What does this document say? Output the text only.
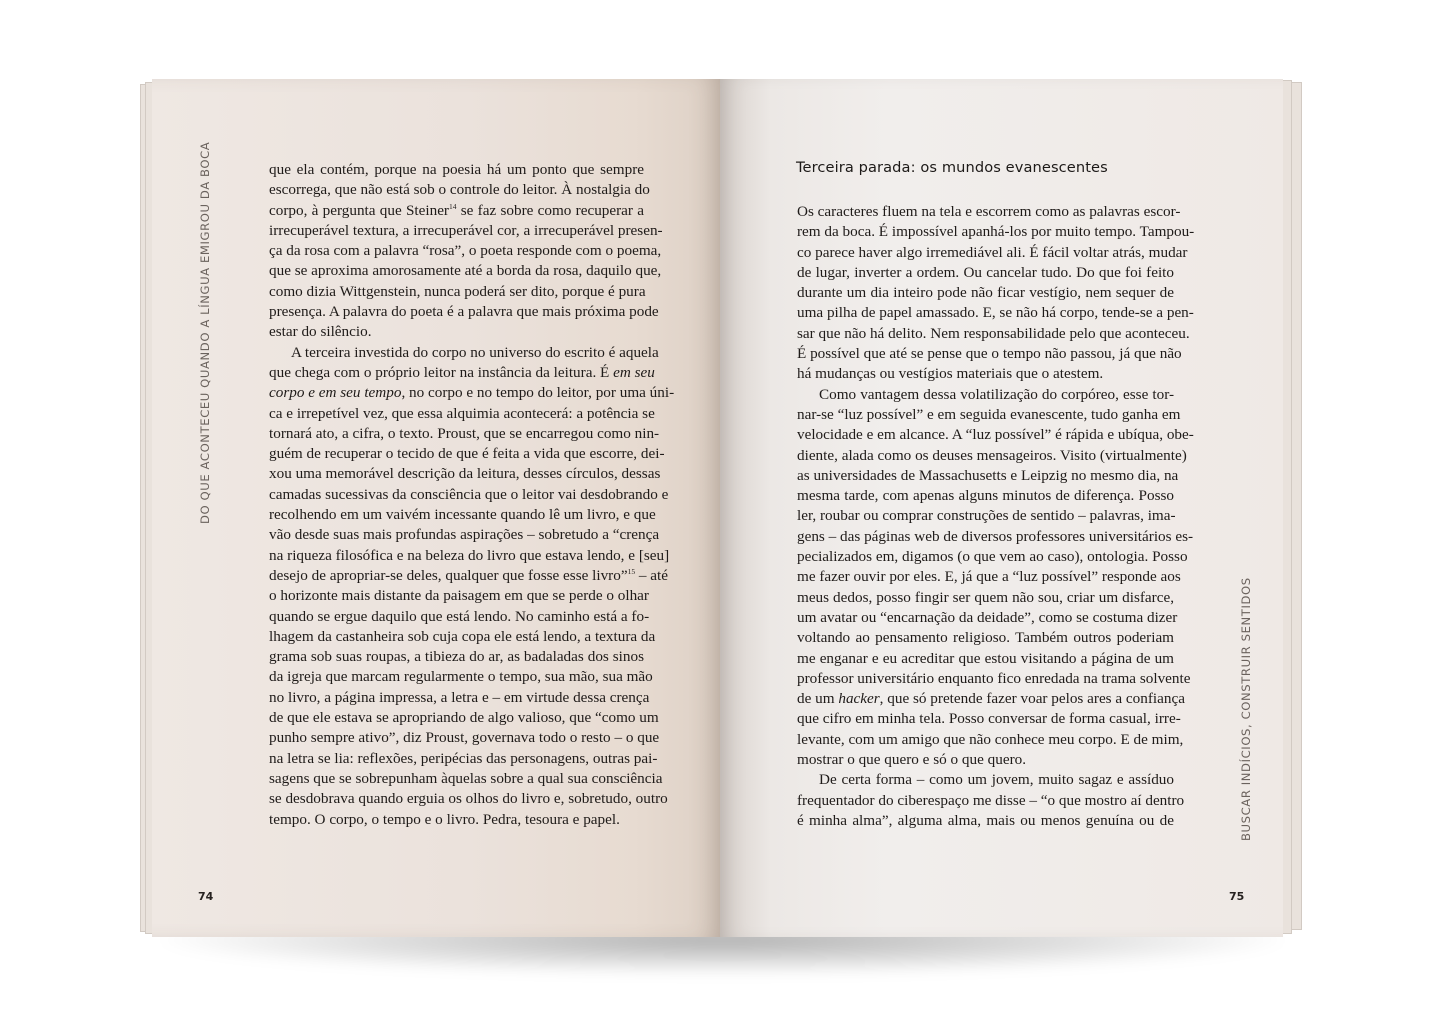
DO QUE ACONTECEU QUANDO A LÍNGUA EMIGROU DA BOCA	que ela contém, porque na poesia há um ponto que sempre

escorrega, que não está sob o controle do leitor. À nostalgia do

corpo, à pergunta que Steiner$^{14}$ se faz sobre como recuperar a

irrecuperável textura, a irrecuperável cor, a irrecuperável presen-

ça da rosa com a palavra “rosa”, o poeta responde com o poema,

que se aproxima amorosamente até a borda da rosa, daquilo que,

como dizia Wittgenstein, nunca poderá ser dito, porque é pura

presença. A palavra do poeta é a palavra que mais próxima pode

estar do silêncio.

A terceira investida do corpo no universo do escrito é aquela

que chega com o próprio leitor na instância da leitura. É em seu

corpo e em seu tempo, no corpo e no tempo do leitor, por uma úni-

ca e irrepetível vez, que essa alquimia acontecerá: a potência se

tornará ato, a cifra, o texto. Proust, que se encarregou como nin-

guém de recuperar o tecido de que é feita a vida que escorre, dei-

xou uma memorável descrição da leitura, desses círculos, dessas

camadas sucessivas da consciência que o leitor vai desdobrando e

recolhendo em um vaivém incessante quando lê um livro, e que

vão desde suas mais profundas aspirações – sobretudo a “crença

na riqueza filosófica e na beleza do livro que estava lendo, e [seu]

desejo de apropriar-se deles, qualquer que fosse esse livro”$^{15}$ – até

o horizonte mais distante da paisagem em que se perde o olhar

quando se ergue daquilo que está lendo. No caminho está a fo-

lhagem da castanheira sob cuja copa ele está lendo, a textura da

grama sob suas roupas, a tibieza do ar, as badaladas dos sinos

da igreja que marcam regularmente o tempo, sua mão, sua mão

no livro, a página impressa, a letra e – em virtude dessa crença

de que ele estava se apropriando de algo valioso, que “como um

punho sempre ativo”, diz Proust, governava todo o resto – o que

na letra se lia: reflexões, peripécias das personagens, outras pai-

sagens que se sobrepunham àquelas sobre a qual sua consciência

se desdobrava quando erguia os olhos do livro e, sobretudo, outro

tempo. O corpo, o tempo e o livro. Pedra, tesoura e papel.

74

Terceira parada: os mundos evanescentes

Os caracteres fluem na tela e escorrem como as palavras escor-

rem da boca. É impossível apanhá-los por muito tempo. Tampou-

co parece haver algo irremediável ali. É fácil voltar atrás, mudar

de lugar, inverter a ordem. Ou cancelar tudo. Do que foi feito

durante um dia inteiro pode não ficar vestígio, nem sequer de

uma pilha de papel amassado. E, se não há corpo, tende-se a pen-

sar que não há delito. Nem responsabilidade pelo que aconteceu.

É possível que até se pense que o tempo não passou, já que não

há mudanças ou vestígios materiais que o atestem.

Como vantagem dessa volatilização do corpóreo, esse tor-

nar-se “luz possível” e em seguida evanescente, tudo ganha em

velocidade e em alcance. A “luz possível” é rápida e ubíqua, obe-

diente, alada como os deuses mensageiros. Visito (virtualmente)

as universidades de Massachusetts e Leipzig no mesmo dia, na

mesma tarde, com apenas alguns minutos de diferença. Posso

ler, roubar ou comprar construções de sentido – palavras, ima-

gens – das páginas web de diversos professores universitários es-

pecializados em, digamos (o que vem ao caso), ontologia. Posso

me fazer ouvir por eles. E, já que a “luz possível” responde aos

meus dedos, posso fingir ser quem não sou, criar um disfarce,

um avatar ou “encarnação da deidade”, como se costuma dizer

voltando ao pensamento religioso. Também outros poderiam

me enganar e eu acreditar que estou visitando a página de um

professor universitário enquanto fico enredada na trama solvente

de um hacker, que só pretende fazer voar pelos ares a confiança

que cifro em minha tela. Posso conversar de forma casual, irre-

levante, com um amigo que não conhece meu corpo. E de mim,

mostrar o que quero e só o que quero.

De certa forma – como um jovem, muito sagaz e assíduo

frequentador do ciberespaço me disse – “o que mostro aí dentro

é minha alma”, alguma alma, mais ou menos genuína ou de	BUSCAR INDÍCIOS, CONSTRUIR SENTIDOS

75
